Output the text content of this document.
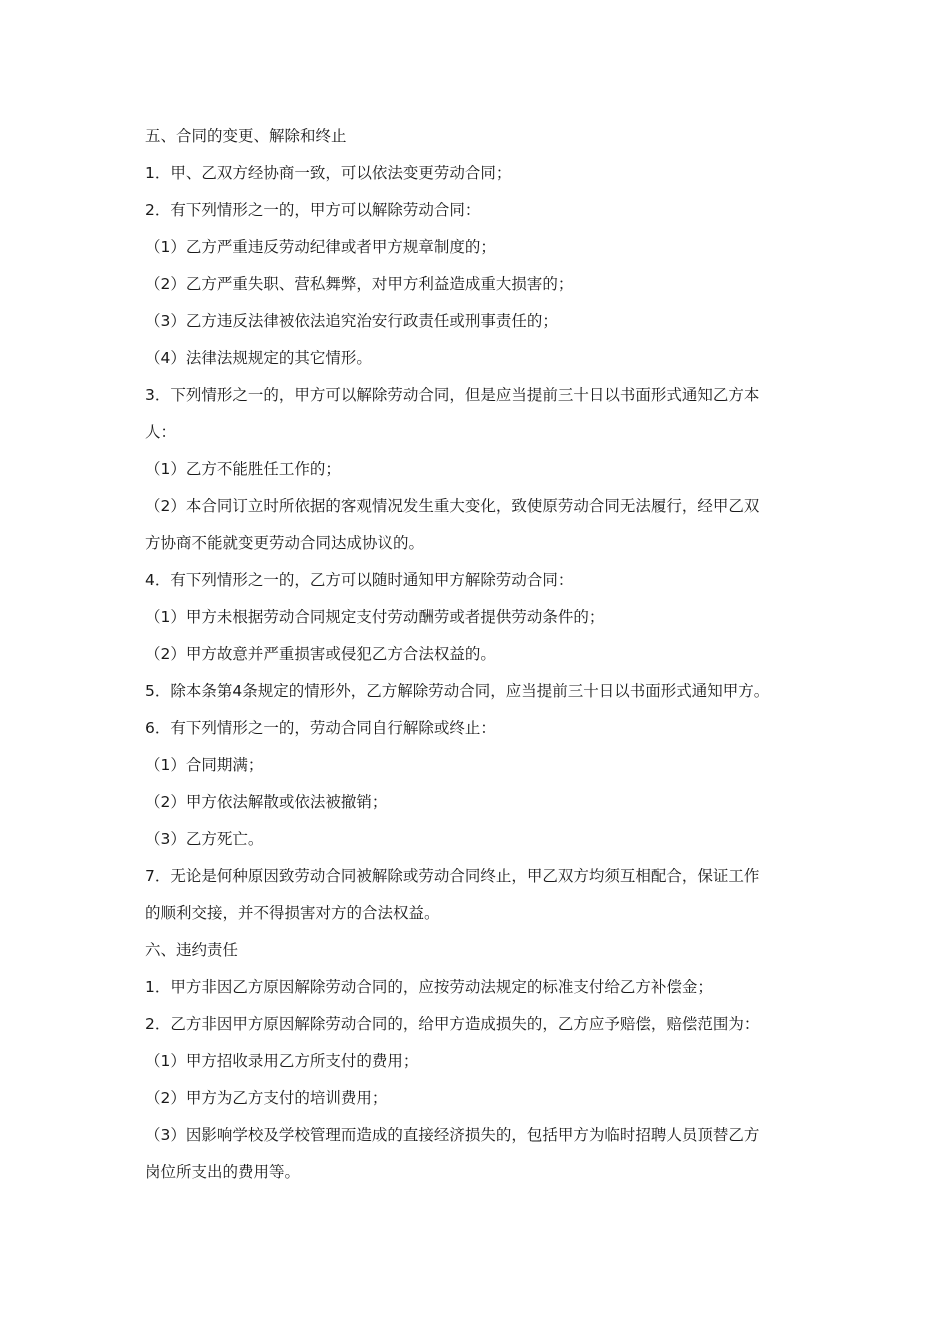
五、合同的变更、解除和终止

1．甲、乙双方经协商一致，可以依法变更劳动合同；

2．有下列情形之一的，甲方可以解除劳动合同：

（1）乙方严重违反劳动纪律或者甲方规章制度的；

（2）乙方严重失职、营私舞弊，对甲方利益造成重大损害的；

（3）乙方违反法律被依法追究治安行政责任或刑事责任的；

（4）法律法规规定的其它情形。

3．下列情形之一的，甲方可以解除劳动合同，但是应当提前三十日以书面形式通知乙方本

人：

（1）乙方不能胜任工作的；

（2）本合同订立时所依据的客观情况发生重大变化，致使原劳动合同无法履行，经甲乙双

方协商不能就变更劳动合同达成协议的。

4．有下列情形之一的，乙方可以随时通知甲方解除劳动合同：

（1）甲方未根据劳动合同规定支付劳动酬劳或者提供劳动条件的；

（2）甲方故意并严重损害或侵犯乙方合法权益的。

5．除本条第4条规定的情形外，乙方解除劳动合同，应当提前三十日以书面形式通知甲方。

6．有下列情形之一的，劳动合同自行解除或终止：

（1）合同期满；

（2）甲方依法解散或依法被撤销；

（3）乙方死亡。

7．无论是何种原因致劳动合同被解除或劳动合同终止，甲乙双方均须互相配合，保证工作

的顺利交接，并不得损害对方的合法权益。

六、违约责任

1．甲方非因乙方原因解除劳动合同的，应按劳动法规定的标准支付给乙方补偿金；

2．乙方非因甲方原因解除劳动合同的，给甲方造成损失的，乙方应予赔偿，赔偿范围为：

（1）甲方招收录用乙方所支付的费用；

（2）甲方为乙方支付的培训费用；

（3）因影响学校及学校管理而造成的直接经济损失的，包括甲方为临时招聘人员顶替乙方

岗位所支出的费用等。
